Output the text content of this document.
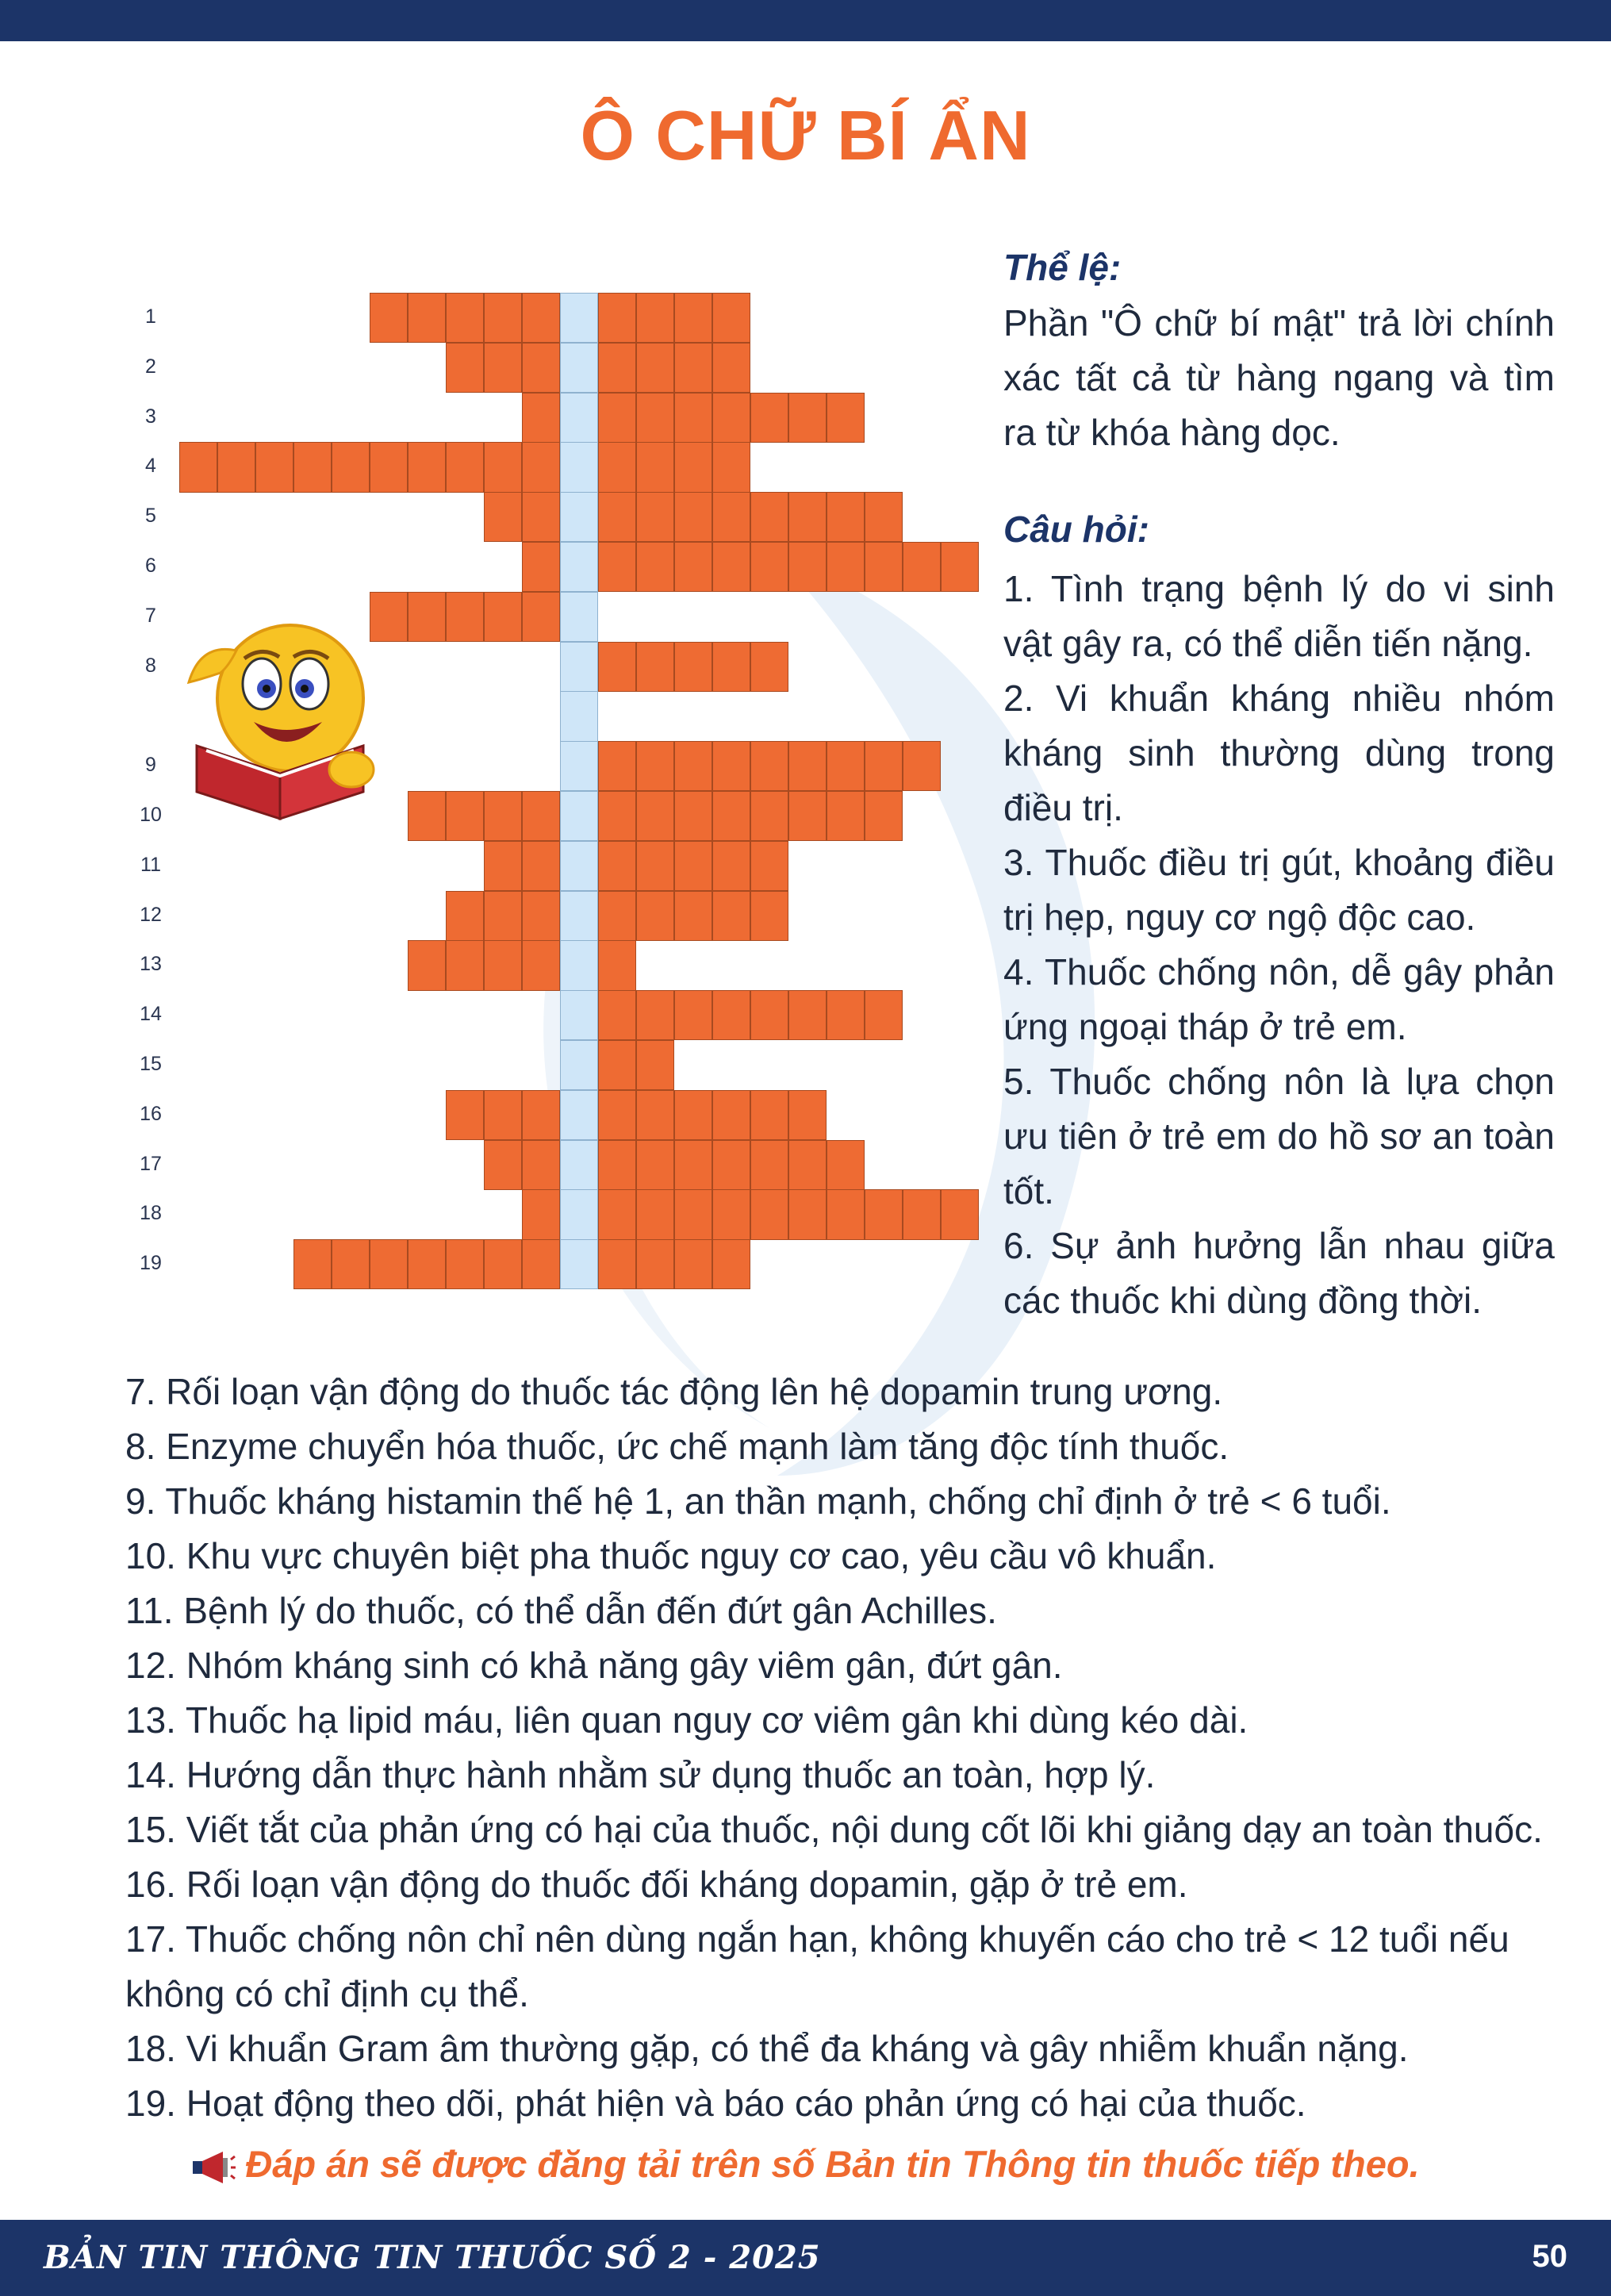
Ô CHỮ BÍ ẨN
1
2
3
4
5
6
7
8
9
10
11
12
13
14
15
16
17
18
19
Thể lệ:
Phần "Ô chữ bí mật" trả lời chính xác tất cả từ hàng ngang và tìm ra từ khóa hàng dọc.
Câu hỏi:
1. Tình trạng bệnh lý do vi sinh vật gây ra, có thể diễn tiến nặng.
2. Vi khuẩn kháng nhiều nhóm kháng sinh thường dùng trong điều trị.
3. Thuốc điều trị gút, khoảng điều trị hẹp, nguy cơ ngộ độc cao.
4. Thuốc chống nôn, dễ gây phản ứng ngoại tháp ở trẻ em.
5. Thuốc chống nôn là lựa chọn ưu tiên ở trẻ em do hồ sơ an toàn tốt.
6. Sự ảnh hưởng lẫn nhau giữa các thuốc khi dùng đồng thời.
7. Rối loạn vận động do thuốc tác động lên hệ dopamin trung ương.
8. Enzyme chuyển hóa thuốc, ức chế mạnh làm tăng độc tính thuốc.
9. Thuốc kháng histamin thế hệ 1, an thần mạnh, chống chỉ định ở trẻ < 6 tuổi.
10. Khu vực chuyên biệt pha thuốc nguy cơ cao, yêu cầu vô khuẩn.
11. Bệnh lý do thuốc, có thể dẫn đến đứt gân Achilles.
12. Nhóm kháng sinh có khả năng gây viêm gân, đứt gân.
13. Thuốc hạ lipid máu, liên quan nguy cơ viêm gân khi dùng kéo dài.
14. Hướng dẫn thực hành nhằm sử dụng thuốc an toàn, hợp lý.
15. Viết tắt của phản ứng có hại của thuốc, nội dung cốt lõi khi giảng dạy an toàn thuốc.
16. Rối loạn vận động do thuốc đối kháng dopamin, gặp ở trẻ em.
17. Thuốc chống nôn chỉ nên dùng ngắn hạn, không khuyến cáo cho trẻ < 12 tuổi nếu không có chỉ định cụ thể.
18. Vi khuẩn Gram âm thường gặp, có thể đa kháng và gây nhiễm khuẩn nặng.
19. Hoạt động theo dõi, phát hiện và báo cáo phản ứng có hại của thuốc.
Đáp án sẽ được đăng tải trên số Bản tin Thông tin thuốc tiếp theo.
BẢN TIN THÔNG TIN THUỐC SỐ 2 - 2025	50
